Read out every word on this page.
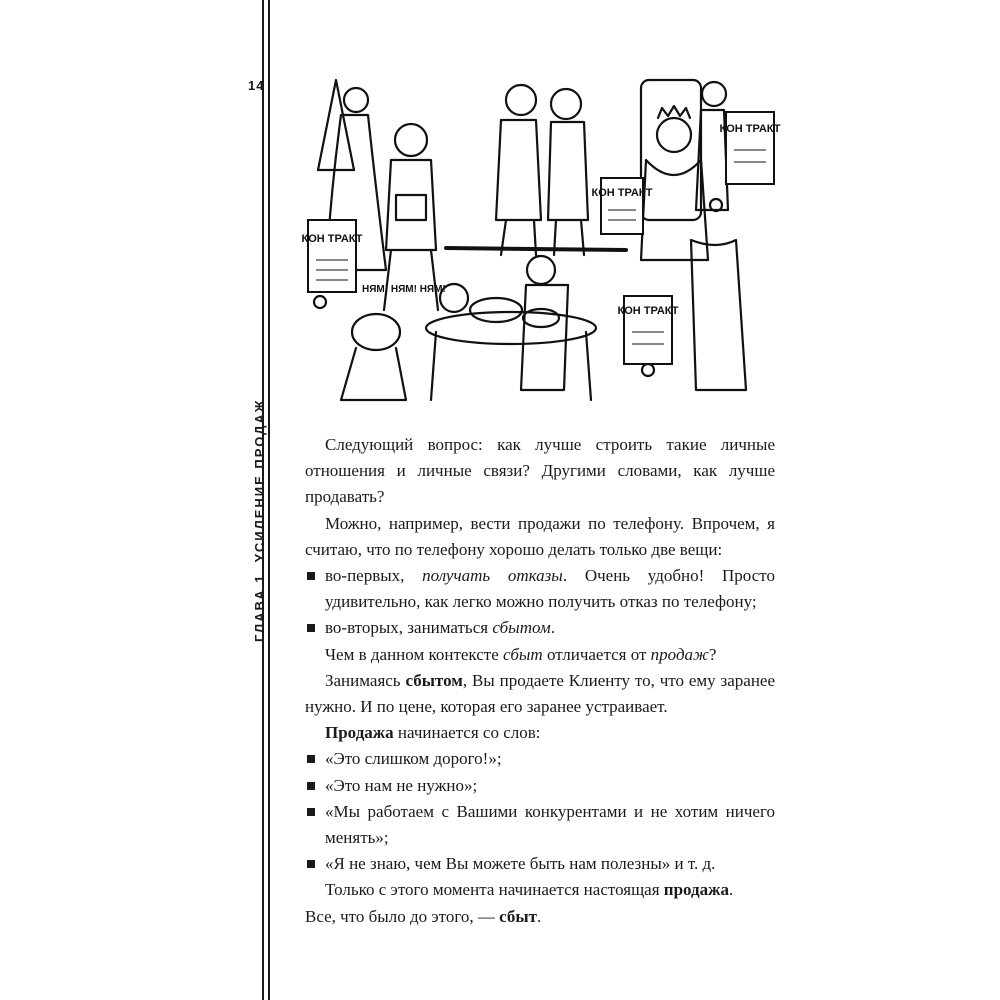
14
ГЛАВА 1. УСИЛЕНИЕ ПРОДАЖ
КОН ТРАКТ
КОН ТРАКТ
КОН ТРАКТ
КОН ТРАКТ
НЯМ! НЯМ! НЯМ!

Следующий вопрос: как лучше строить такие личные отношения и личные связи? Другими словами, как лучше продавать?

Можно, например, вести продажи по телефону. Впрочем, я считаю, что по телефону хорошо делать только две вещи:

во-первых, получать отказы. Очень удобно! Просто удивительно, как легко можно получить отказ по телефону;
во-вторых, заниматься сбытом.

Чем в данном контексте сбыт отличается от продаж?

Занимаясь сбытом, Вы продаете Клиенту то, что ему заранее нужно. И по цене, которая его заранее устраивает.

Продажа начинается со слов:

«Это слишком дорого!»;
«Это нам не нужно»;
«Мы работаем с Вашими конкурентами и не хотим ничего менять»;
«Я не знаю, чем Вы можете быть нам полезны» и т. д.

Только с этого момента начинается настоящая продажа.

Все, что было до этого, — сбыт.
